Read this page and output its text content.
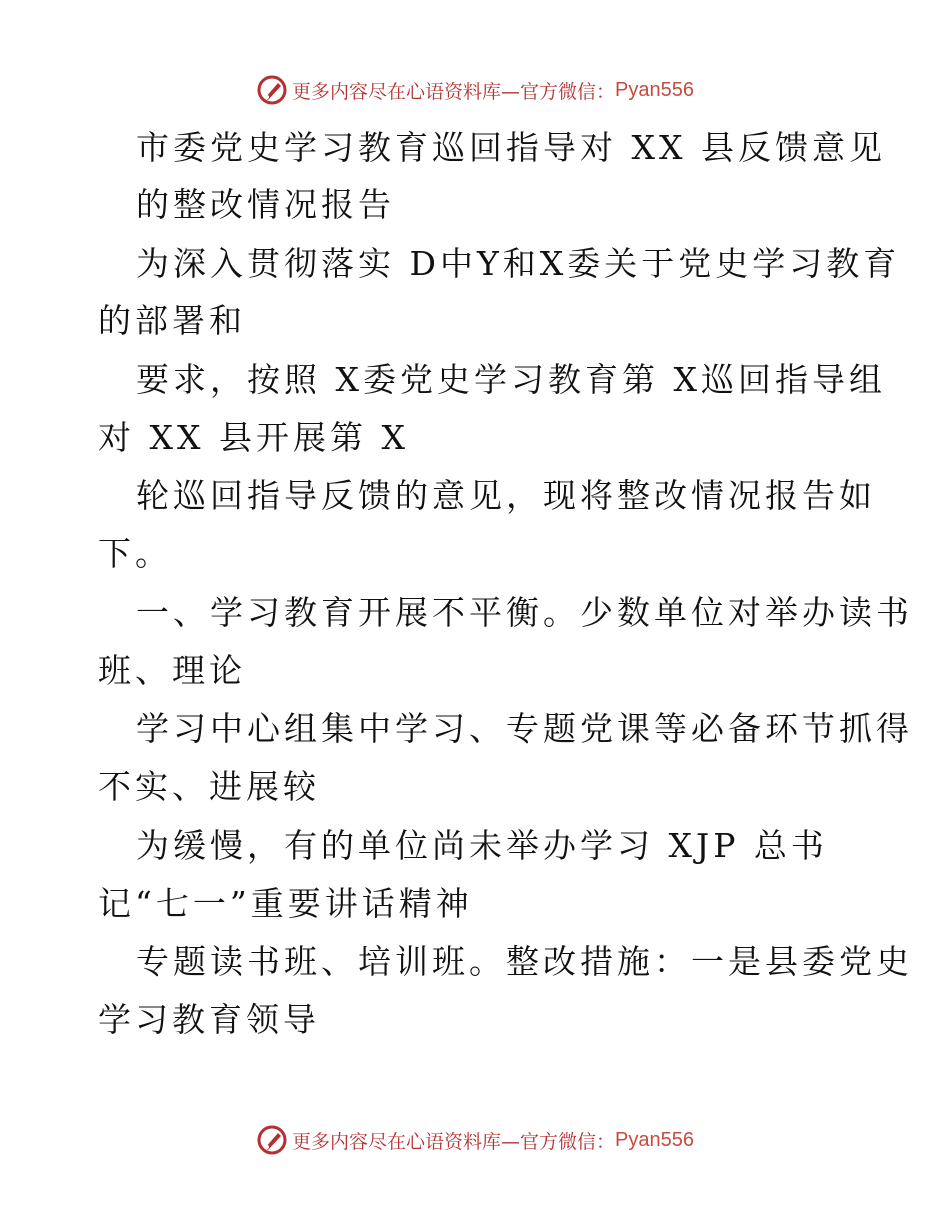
更多内容尽在心语资料库—官方微信： Pyan556
市委党史学习教育巡回指导对 XX 县反馈意见
的整改情况报告
为深入贯彻落实 D中Y和X委关于党史学习教育
的部署和
要求，按照 X委党史学习教育第 X巡回指导组
对 XX 县开展第 X
轮巡回指导反馈的意见，现将整改情况报告如
下。
一、学习教育开展不平衡。少数单位对举办读书
班、理论
学习中心组集中学习、专题党课等必备环节抓得
不实、进展较
为缓慢，有的单位尚未举办学习 XJP 总书
记“七一”重要讲话精神
专题读书班、培训班。整改措施：一是县委党史
学习教育领导
更多内容尽在心语资料库—官方微信： Pyan556
